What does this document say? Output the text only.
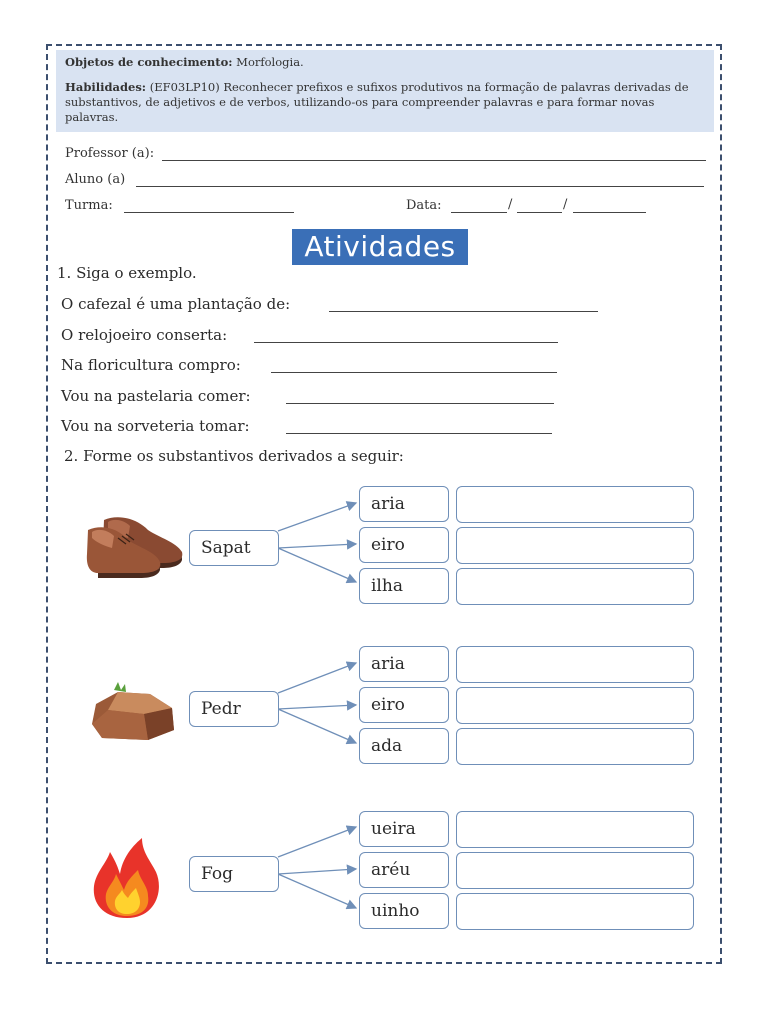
Objetos de conhecimento: Morfologia.
Habilidades: (EF03LP10) Reconhecer prefixos e sufixos produtivos na formação de palavras derivadas de substantivos, de adjetivos e de verbos, utilizando-os para compreender palavras e para formar novas palavras.
Professor (a):
Aluno (a)
Turma:	Data:	/	/
Atividades
1. Siga o exemplo.
O cafezal é uma plantação de:
O relojoeiro conserta:
Na floricultura compro:
Vou na pastelaria comer:
Vou na sorveteria tomar:
2. Forme os substantivos derivados a seguir:
Sapat
aria
eiro
ilha
Pedr
aria
eiro
ada
Fog
ueira
aréu
uinho
